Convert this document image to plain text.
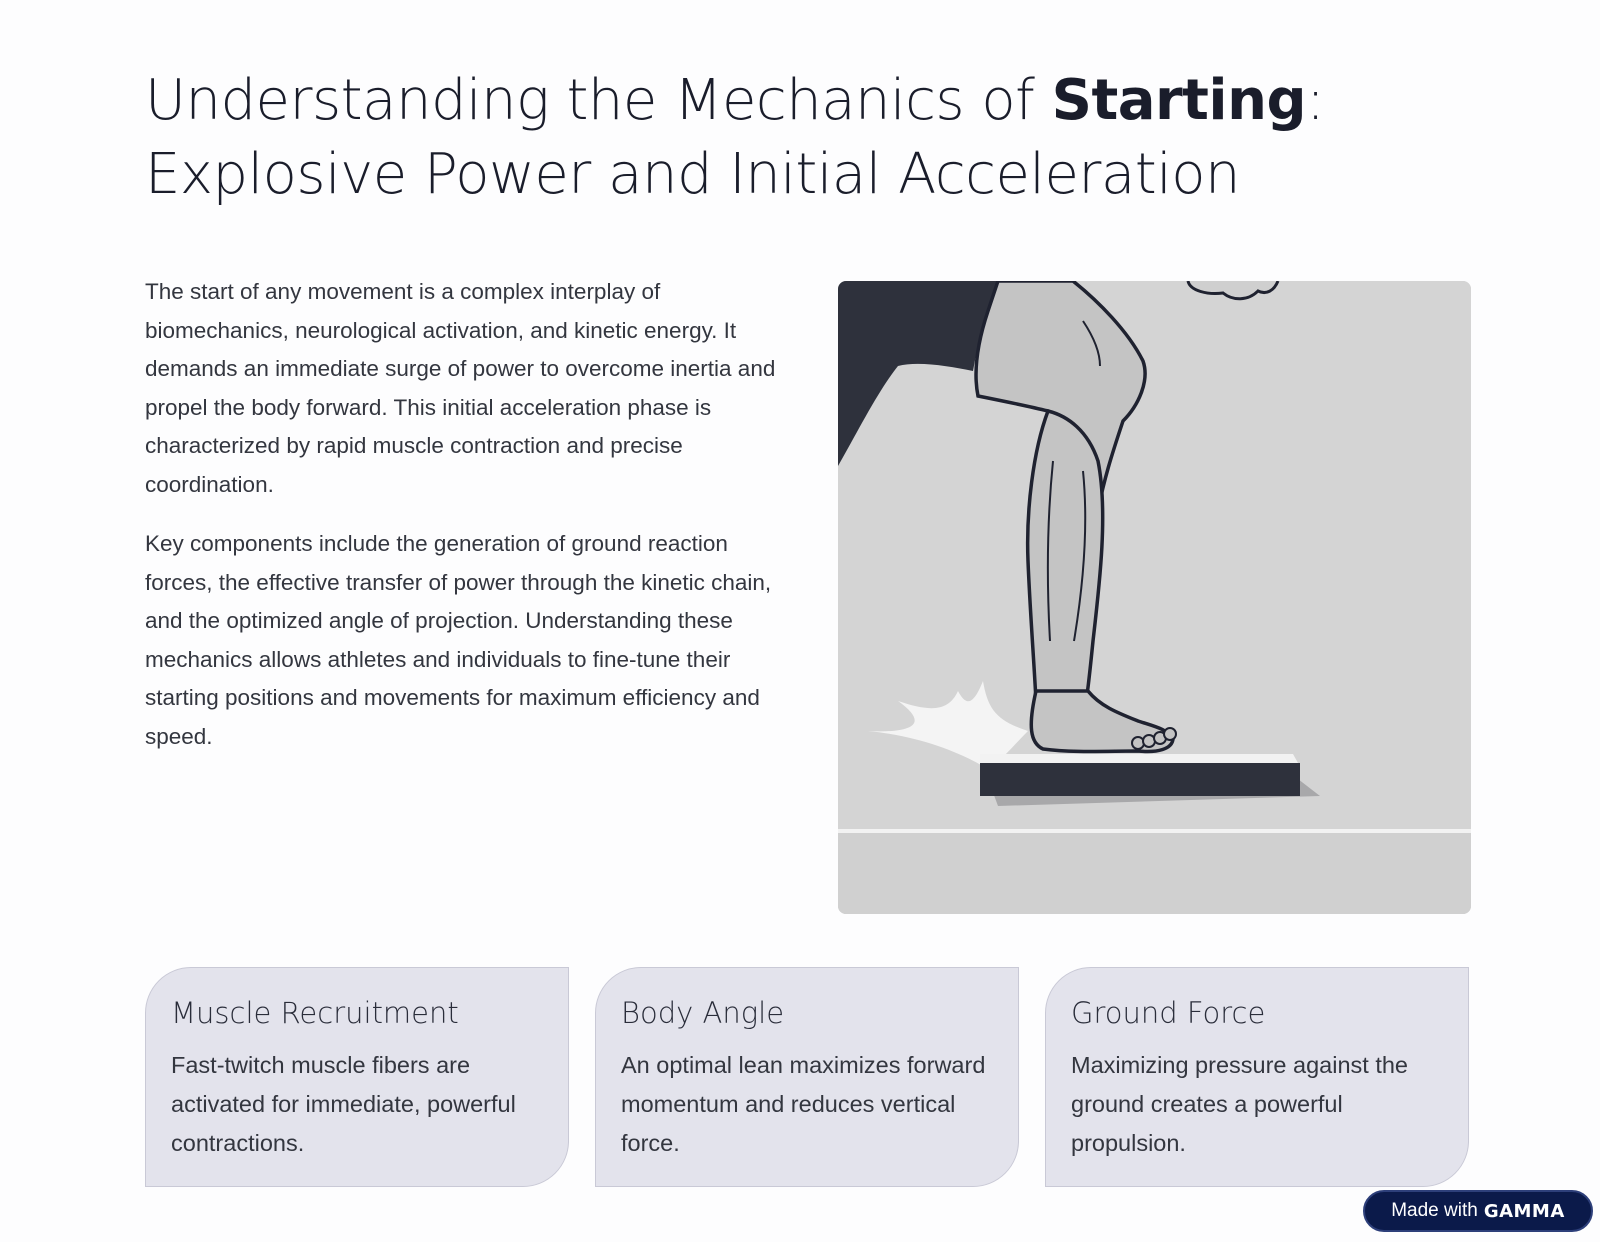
Understanding the Mechanics of Starting:
Explosive Power and Initial Acceleration

The start of any movement is a complex interplay of biomechanics, neurological activation, and kinetic energy. It demands an immediate surge of power to overcome inertia and propel the body forward. This initial acceleration phase is characterized by rapid muscle contraction and precise coordination.

Key components include the generation of ground reaction forces, the effective transfer of power through the kinetic chain, and the optimized angle of projection. Understanding these mechanics allows athletes and individuals to fine-tune their starting positions and movements for maximum efficiency and speed.

Muscle Recruitment

Fast-twitch muscle fibers are activated for immediate, powerful contractions.

Body Angle

An optimal lean maximizes forward momentum and reduces vertical force.

Ground Force

Maximizing pressure against the ground creates a powerful propulsion.

Made with GAMMA
